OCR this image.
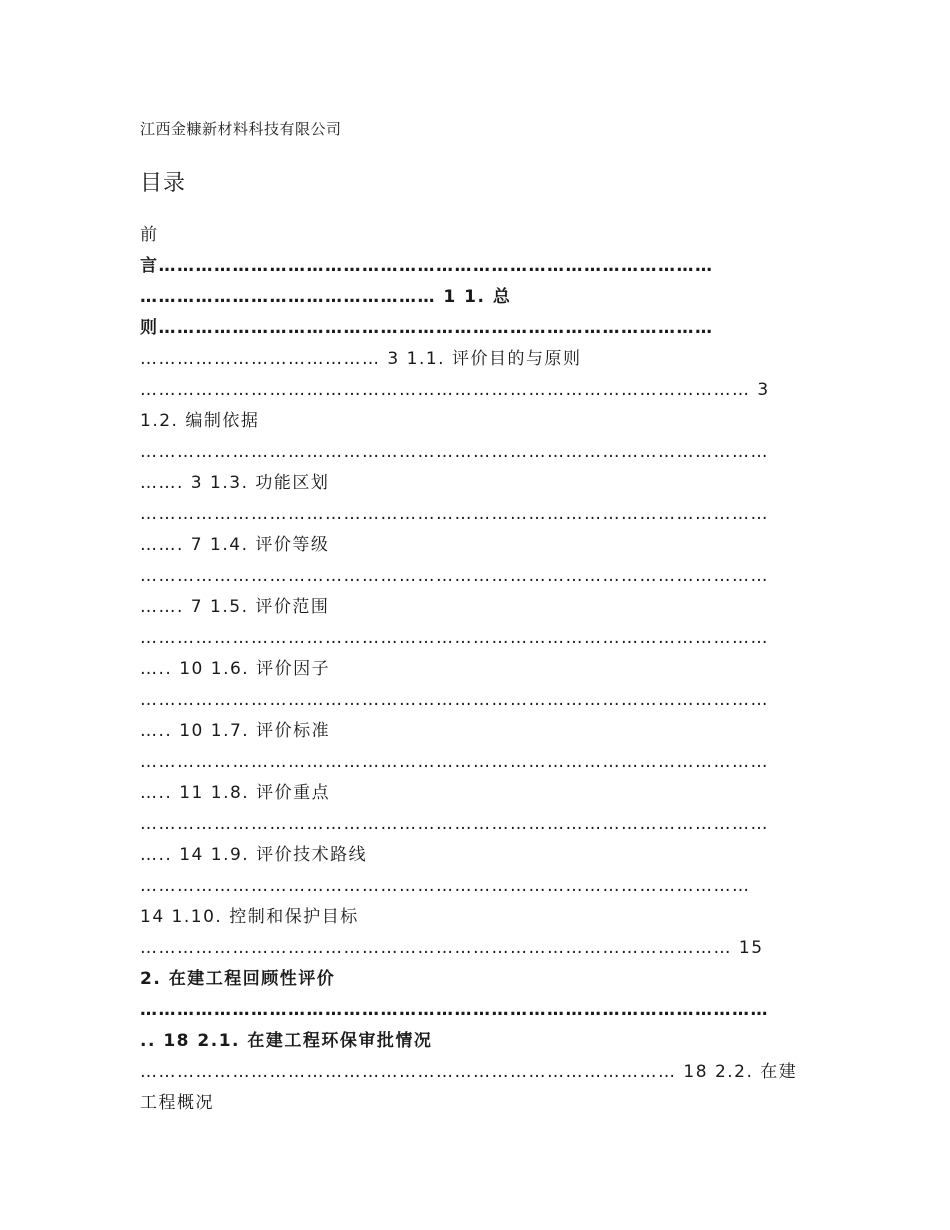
江西金糠新材料科技有限公司
目录
前
言………………………………………………………………………………
………………………………………… 1 1. 总
则………………………………………………………………………………
………………………………… 3 1.1. 评价目的与原则
……………………………………………………………………………………… 3
1.2. 编制依据
…………………………………………………………………………………………
……. 3 1.3. 功能区划
…………………………………………………………………………………………
……. 7 1.4. 评价等级
…………………………………………………………………………………………
……. 7 1.5. 评价范围
…………………………………………………………………………………………
….. 10 1.6. 评价因子
…………………………………………………………………………………………
….. 10 1.7. 评价标准
…………………………………………………………………………………………
….. 11 1.8. 评价重点
…………………………………………………………………………………………
….. 14 1.9. 评价技术路线
………………………………………………………………………………………
14 1.10. 控制和保护目标
…………………………………………………………………………………… 15
2. 在建工程回顾性评价
…………………………………………………………………………………………
.. 18 2.1. 在建工程环保审批情况
…………………………………………………………………………… 18 2.2. 在建
工程概况
